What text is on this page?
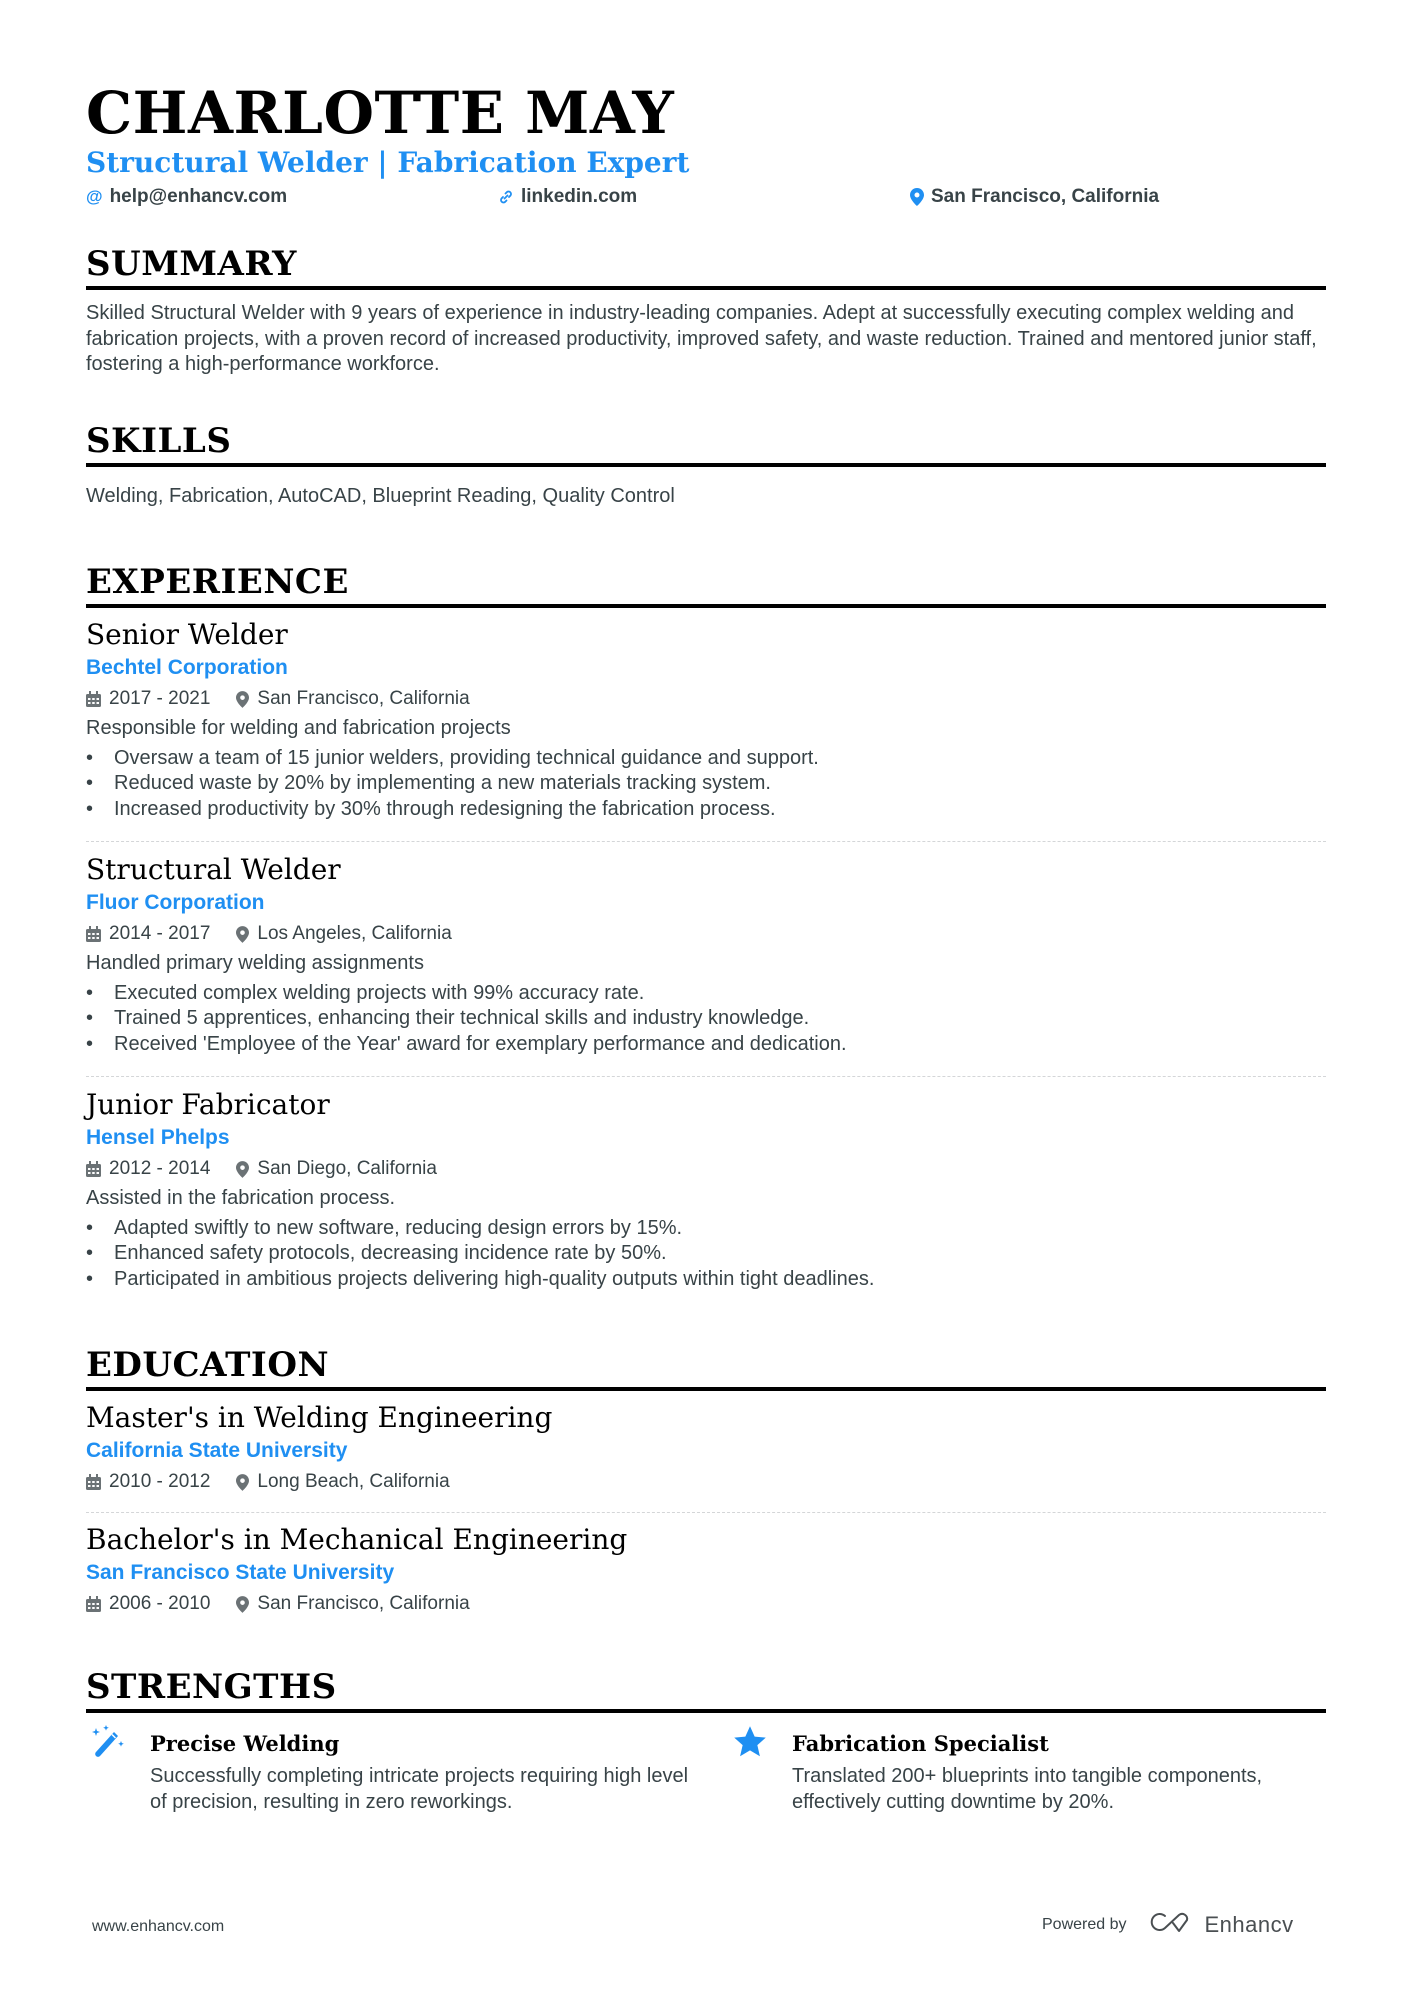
CHARLOTTE MAY
Structural Welder | Fabrication Expert
@ help@enhancv.com	linkedin.com	San Francisco, California
SUMMARY
Skilled Structural Welder with 9 years of experience in industry-leading companies. Adept at successfully executing complex welding and fabrication projects, with a proven record of increased productivity, improved safety, and waste reduction. Trained and mentored junior staff, fostering a high-performance workforce.
SKILLS
Welding, Fabrication, AutoCAD, Blueprint Reading, Quality Control
EXPERIENCE
Senior Welder
Bechtel Corporation
2017 - 2021 San Francisco, California
Responsible for welding and fabrication projects
• Oversaw a team of 15 junior welders, providing technical guidance and support.
• Reduced waste by 20% by implementing a new materials tracking system.
• Increased productivity by 30% through redesigning the fabrication process.
Structural Welder
Fluor Corporation
2014 - 2017 Los Angeles, California
Handled primary welding assignments
• Executed complex welding projects with 99% accuracy rate.
• Trained 5 apprentices, enhancing their technical skills and industry knowledge.
• Received 'Employee of the Year' award for exemplary performance and dedication.
Junior Fabricator
Hensel Phelps
2012 - 2014 San Diego, California
Assisted in the fabrication process.
• Adapted swiftly to new software, reducing design errors by 15%.
• Enhanced safety protocols, decreasing incidence rate by 50%.
• Participated in ambitious projects delivering high-quality outputs within tight deadlines.
EDUCATION
Master's in Welding Engineering
California State University
2010 - 2012 Long Beach, California
Bachelor's in Mechanical Engineering
San Francisco State University
2006 - 2010 San Francisco, California
STRENGTHS
Precise Welding
Successfully completing intricate projects requiring high level of precision, resulting in zero reworkings.
Fabrication Specialist
Translated 200+ blueprints into tangible components, effectively cutting downtime by 20%.
www.enhancv.com	Powered by	Enhancv
